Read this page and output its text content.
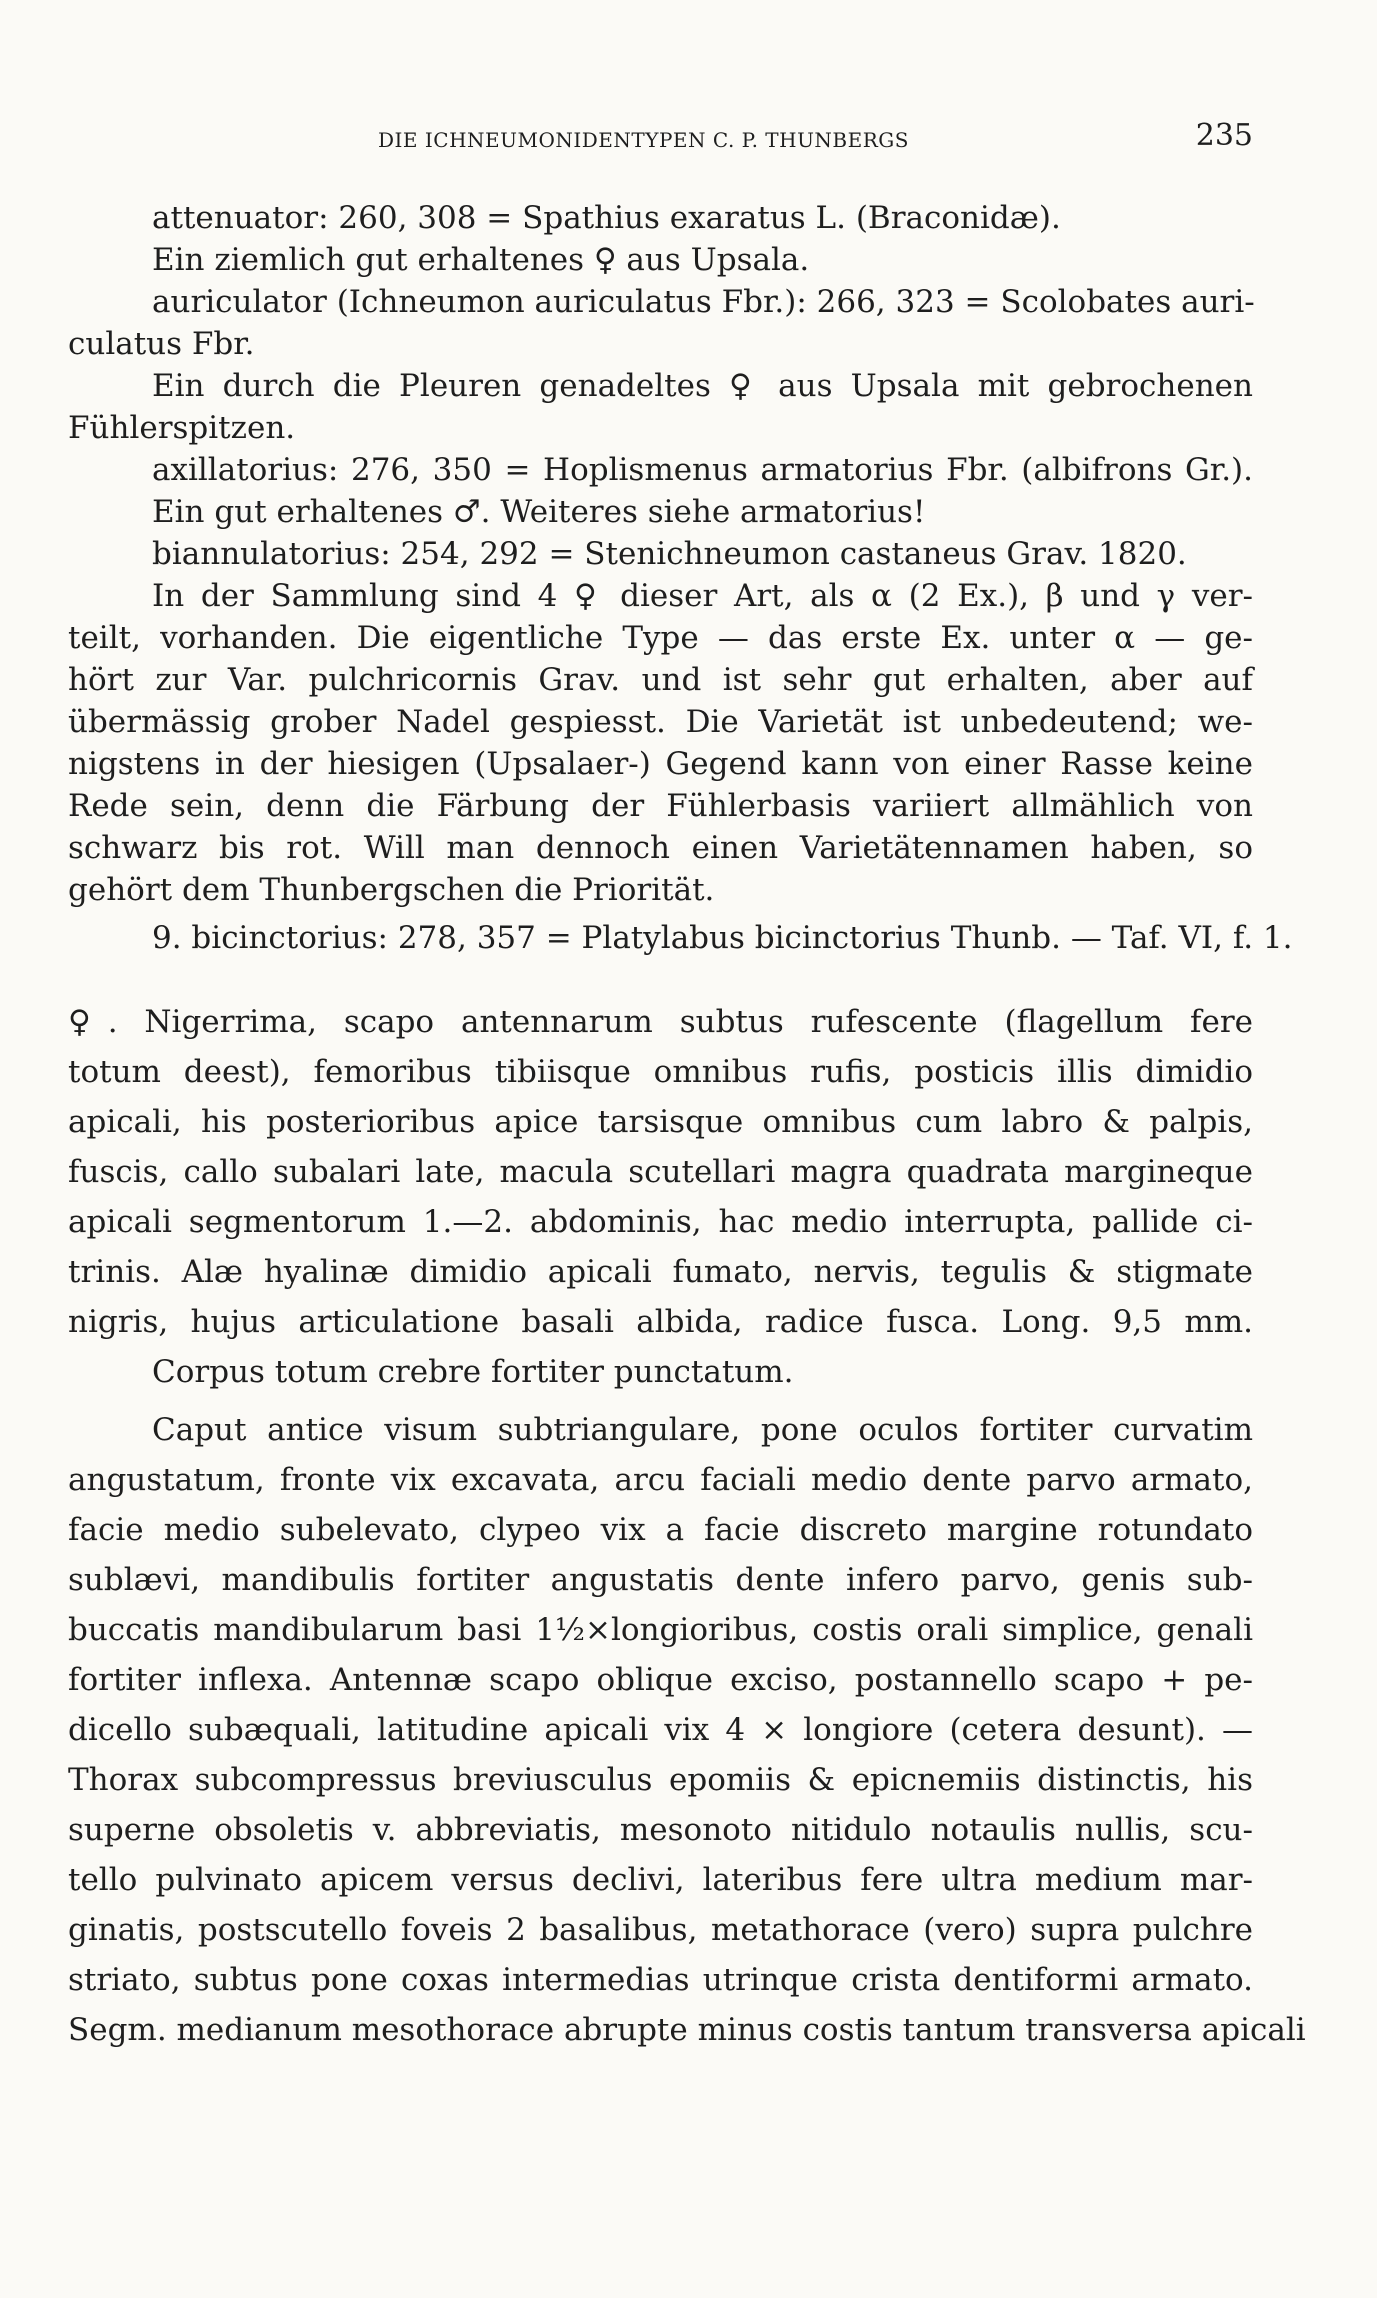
DIE ICHNEUMONIDENTYPEN C. P. THUNBERGS	235
attenuator: 260, 308 = Spathius exaratus L. (Braconidæ).
Ein ziemlich gut erhaltenes ♀ aus Upsala.
auriculator (Ichneumon auriculatus Fbr.): 266, 323 = Scolobates auri-
culatus Fbr.
Ein durch die Pleuren genadeltes ♀ aus Upsala mit gebrochenen
Fühlerspitzen.
axillatorius: 276, 350 = Hoplismenus armatorius Fbr. (albifrons Gr.).
Ein gut erhaltenes ♂. Weiteres siehe armatorius!
biannulatorius: 254, 292 = Stenichneumon castaneus Grav. 1820.
In der Sammlung sind 4 ♀ dieser Art, als α (2 Ex.), β und γ ver-
teilt, vorhanden. Die eigentliche Type — das erste Ex. unter α — ge-
hört zur Var. pulchricornis Grav. und ist sehr gut erhalten, aber auf
übermässig grober Nadel gespiesst. Die Varietät ist unbedeutend; we-
nigstens in der hiesigen (Upsalaer-) Gegend kann von einer Rasse keine
Rede sein, denn die Färbung der Fühlerbasis variiert allmählich von
schwarz bis rot. Will man dennoch einen Varietätennamen haben, so
gehört dem Thunbergschen die Priorität.
9. bicinctorius: 278, 357 = Platylabus bicinctorius Thunb. — Taf. VI, f. 1.
♀. Nigerrima, scapo antennarum subtus rufescente (flagellum fere
totum deest), femoribus tibiisque omnibus rufis, posticis illis dimidio
apicali, his posterioribus apice tarsisque omnibus cum labro & palpis,
fuscis, callo subalari late, macula scutellari magra quadrata margineque
apicali segmentorum 1.—2. abdominis, hac medio interrupta, pallide ci-
trinis. Alæ hyalinæ dimidio apicali fumato, nervis, tegulis & stigmate
nigris, hujus articulatione basali albida, radice fusca. Long. 9,5 mm.
Corpus totum crebre fortiter punctatum.
Caput antice visum subtriangulare, pone oculos fortiter curvatim
angustatum, fronte vix excavata, arcu faciali medio dente parvo armato,
facie medio subelevato, clypeo vix a facie discreto margine rotundato
sublævi, mandibulis fortiter angustatis dente infero parvo, genis sub-
buccatis mandibularum basi 1½×longioribus, costis orali simplice, genali
fortiter inflexa. Antennæ scapo oblique exciso, postannello scapo + pe-
dicello subæquali, latitudine apicali vix 4 × longiore (cetera desunt). —
Thorax subcompressus breviusculus epomiis & epicnemiis distinctis, his
superne obsoletis v. abbreviatis, mesonoto nitidulo notaulis nullis, scu-
tello pulvinato apicem versus declivi, lateribus fere ultra medium mar-
ginatis, postscutello foveis 2 basalibus, metathorace (vero) supra pulchre
striato, subtus pone coxas intermedias utrinque crista dentiformi armato.
Segm. medianum mesothorace abrupte minus costis tantum transversa apicali
